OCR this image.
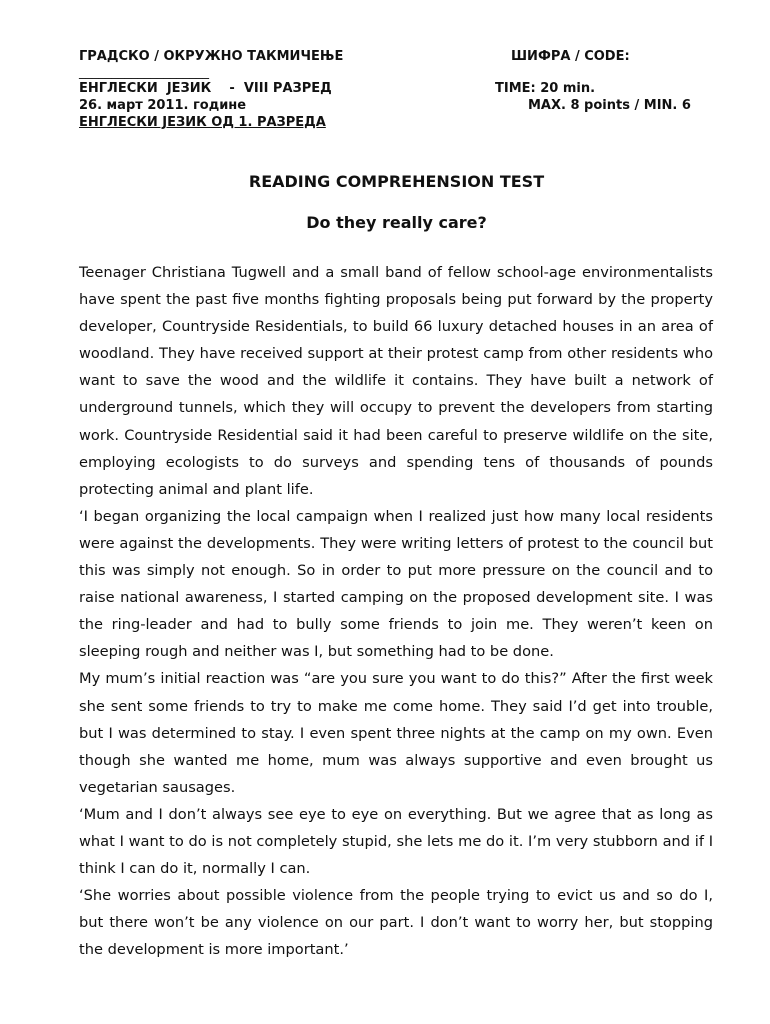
ГРАДСКО / ОКРУЖНО ТАКМИЧЕЊЕ	ШИФРА / CODE:
____________________
ЕНГЛЕСКИ  ЈЕЗИК    -  VIII РАЗРЕД	TIME: 20 min.
26. март 2011. године	MAX. 8 points / MIN. 6
ЕНГЛЕСКИ ЈЕЗИК ОД 1. РАЗРЕДА
READING COMPREHENSION TEST
Do they really care?

Teenager Christiana Tugwell and a small band of fellow school-age environmentalists have spent the past five months fighting proposals being put forward by the property developer, Countryside Residentials, to build 66 luxury detached houses in an area of woodland. They have received support at their protest camp from other residents who want to save the wood and the wildlife it contains. They have built a network of underground tunnels, which they will occupy to prevent the developers from starting work. Countryside Residential said it had been careful to preserve wildlife on the site, employing ecologists to do surveys and spending tens of thousands of pounds protecting animal and plant life.

‘I began organizing the local campaign when I realized just how many local residents were against the developments. They were writing letters of protest to the council but this was simply not enough. So in order to put more pressure on the council and to raise national awareness, I started camping on the proposed development site. I was the ring-leader and had to bully some friends to join me. They weren’t keen on sleeping rough and neither was I, but something had to be done.

My mum’s initial reaction was “are you sure you want to do this?” After the first week she sent some friends to try to make me come home. They said I’d get into trouble, but I was determined to stay. I even spent three nights at the camp on my own. Even though she wanted me home, mum was always supportive and even brought us vegetarian sausages.

‘Mum and I don’t always see eye to eye on everything. But we agree that as long as what I want to do is not completely stupid, she lets me do it. I’m very stubborn and if I think I can do it, normally I can.

‘She worries about possible violence from the people trying to evict us and so do I, but there won’t be any violence on our part. I don’t want to worry her, but stopping the development is more important.’
